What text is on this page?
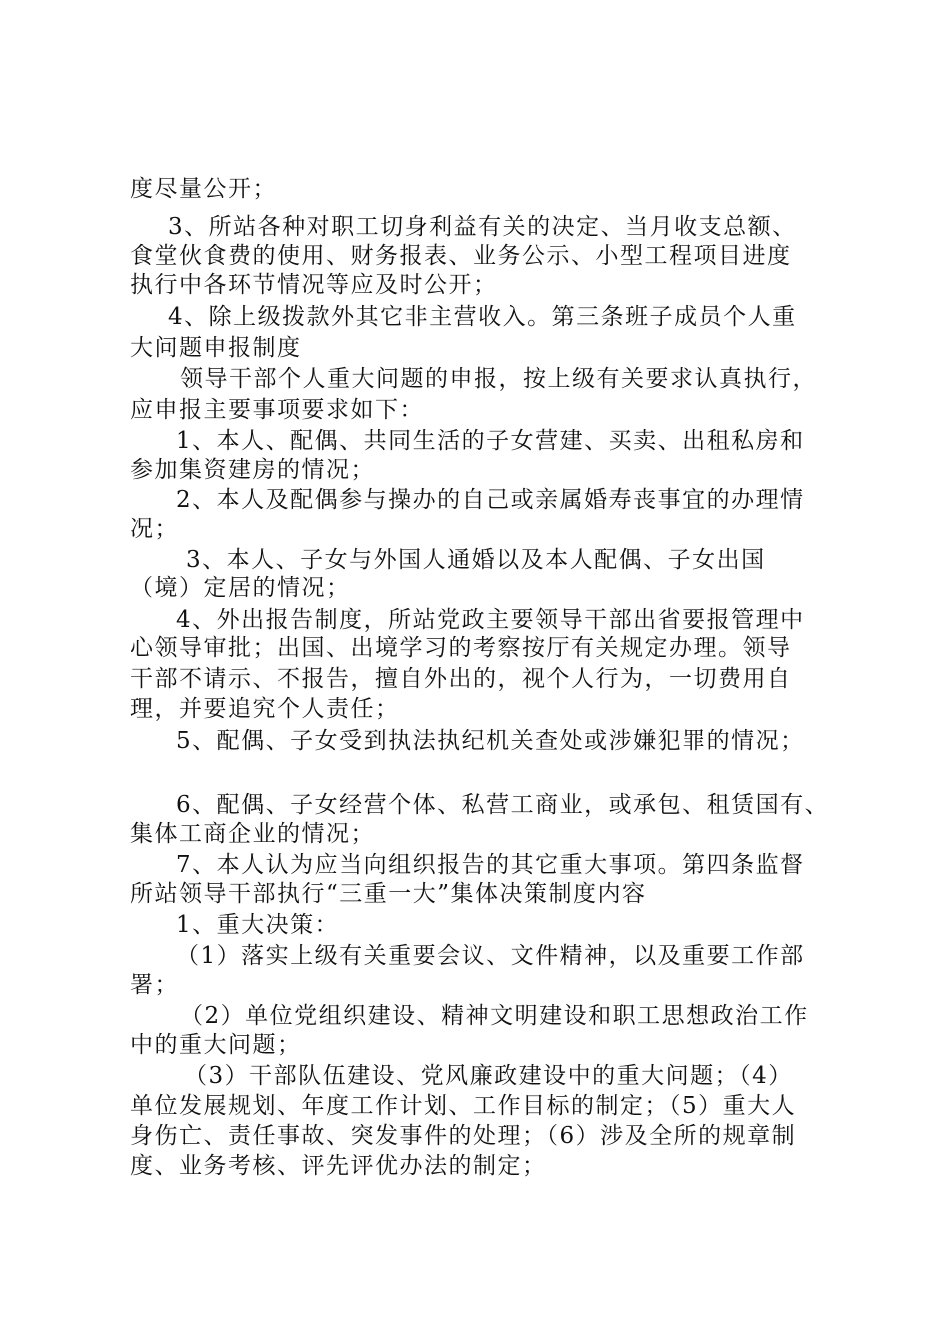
度尽量公开；
3、所站各种对职工切身利益有关的决定、当月收支总额、
食堂伙食费的使用、财务报表、业务公示、小型工程项目进度
执行中各环节情况等应及时公开；
4、除上级拨款外其它非主营收入。第三条班子成员个人重
大问题申报制度
领导干部个人重大问题的申报，按上级有关要求认真执行，
应申报主要事项要求如下：
1、本人、配偶、共同生活的子女营建、买卖、出租私房和
参加集资建房的情况；
2、本人及配偶参与操办的自己或亲属婚寿丧事宜的办理情
况；
3、本人、子女与外国人通婚以及本人配偶、子女出国
（境）定居的情况；
4、外出报告制度，所站党政主要领导干部出省要报管理中
心领导审批；出国、出境学习的考察按厅有关规定办理。领导
干部不请示、不报告，擅自外出的，视个人行为，一切费用自
理，并要追究个人责任；
5、配偶、子女受到执法执纪机关查处或涉嫌犯罪的情况；
6、配偶、子女经营个体、私营工商业，或承包、租赁国有、
集体工商企业的情况；
7、本人认为应当向组织报告的其它重大事项。第四条监督
所站领导干部执行“三重一大”集体决策制度内容
1、重大决策：
（1）落实上级有关重要会议、文件精神，以及重要工作部
署；
（2）单位党组织建设、精神文明建设和职工思想政治工作
中的重大问题；
（3）干部队伍建设、党风廉政建设中的重大问题；（4）
单位发展规划、年度工作计划、工作目标的制定；（5）重大人
身伤亡、责任事故、突发事件的处理；（6）涉及全所的规章制
度、业务考核、评先评优办法的制定；
